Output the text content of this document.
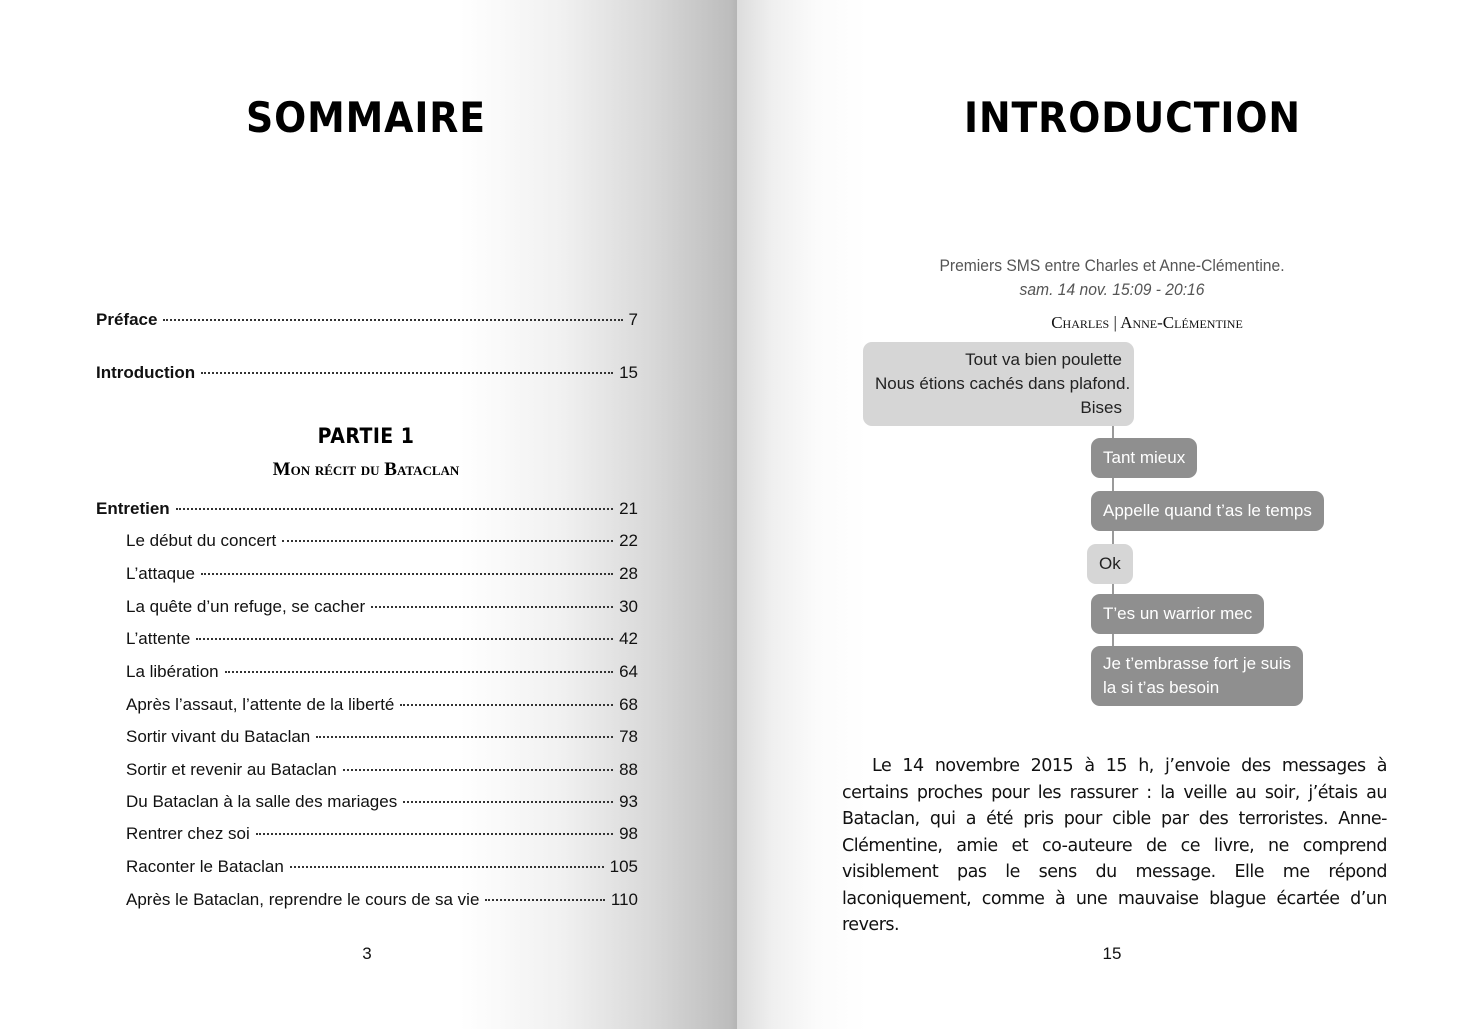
SOMMAIRE
Préface	7
Introduction	15
PARTIE 1
Mon récit du Bataclan
Entretien	21
Le début du concert	22
L’attaque	28
La quête d’un refuge, se cacher	30
L’attente	42
La libération	64
Après l’assaut, l’attente de la liberté	68
Sortir vivant du Bataclan	78
Sortir et revenir au Bataclan	88
Du Bataclan à la salle des mariages	93
Rentrer chez soi	98
Raconter le Bataclan	105
Après le Bataclan, reprendre le cours de sa vie	110
3
INTRODUCTION
Premiers SMS entre Charles et Anne-Clémentine.
sam. 14 nov. 15:09 - 20:16
Charles | Anne-Clémentine
Tout va bien poulette
Nous étions cachés dans plafond.
Bises
Tant mieux
Appelle quand t’as le temps
Ok
T’es un warrior mec
Je t’embrasse fort je suis
la si t’as besoin

Le 14 novembre 2015 à 15 h, j’envoie des messages à certains proches pour les rassurer : la veille au soir, j’étais au Bataclan, qui a été pris pour cible par des terroristes. Anne-Clémentine, amie et co-auteure de ce livre, ne comprend visiblement pas le sens du message. Elle me répond laconiquement, comme à une mauvaise blague écartée d’un revers.

15
